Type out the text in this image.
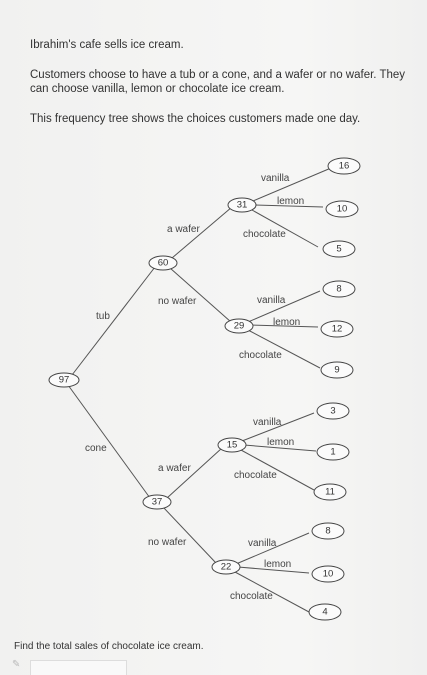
Ibrahim's cafe sells ice cream.
Customers choose to have a tub or a cone, and a wafer or no wafer. They can choose vanilla, lemon or chocolate ice cream.
This frequency tree shows the choices customers made one day.
97
60
37
31
29
15
22
16
10
5
8
12
9
3
1
11
8
10
4
tub
cone
a wafer
no wafer
a wafer
no wafer
vanilla
lemon
chocolate
vanilla
lemon
chocolate
vanilla
lemon
chocolate
vanilla
lemon
chocolate
Find the total sales of chocolate ice cream.
✎
